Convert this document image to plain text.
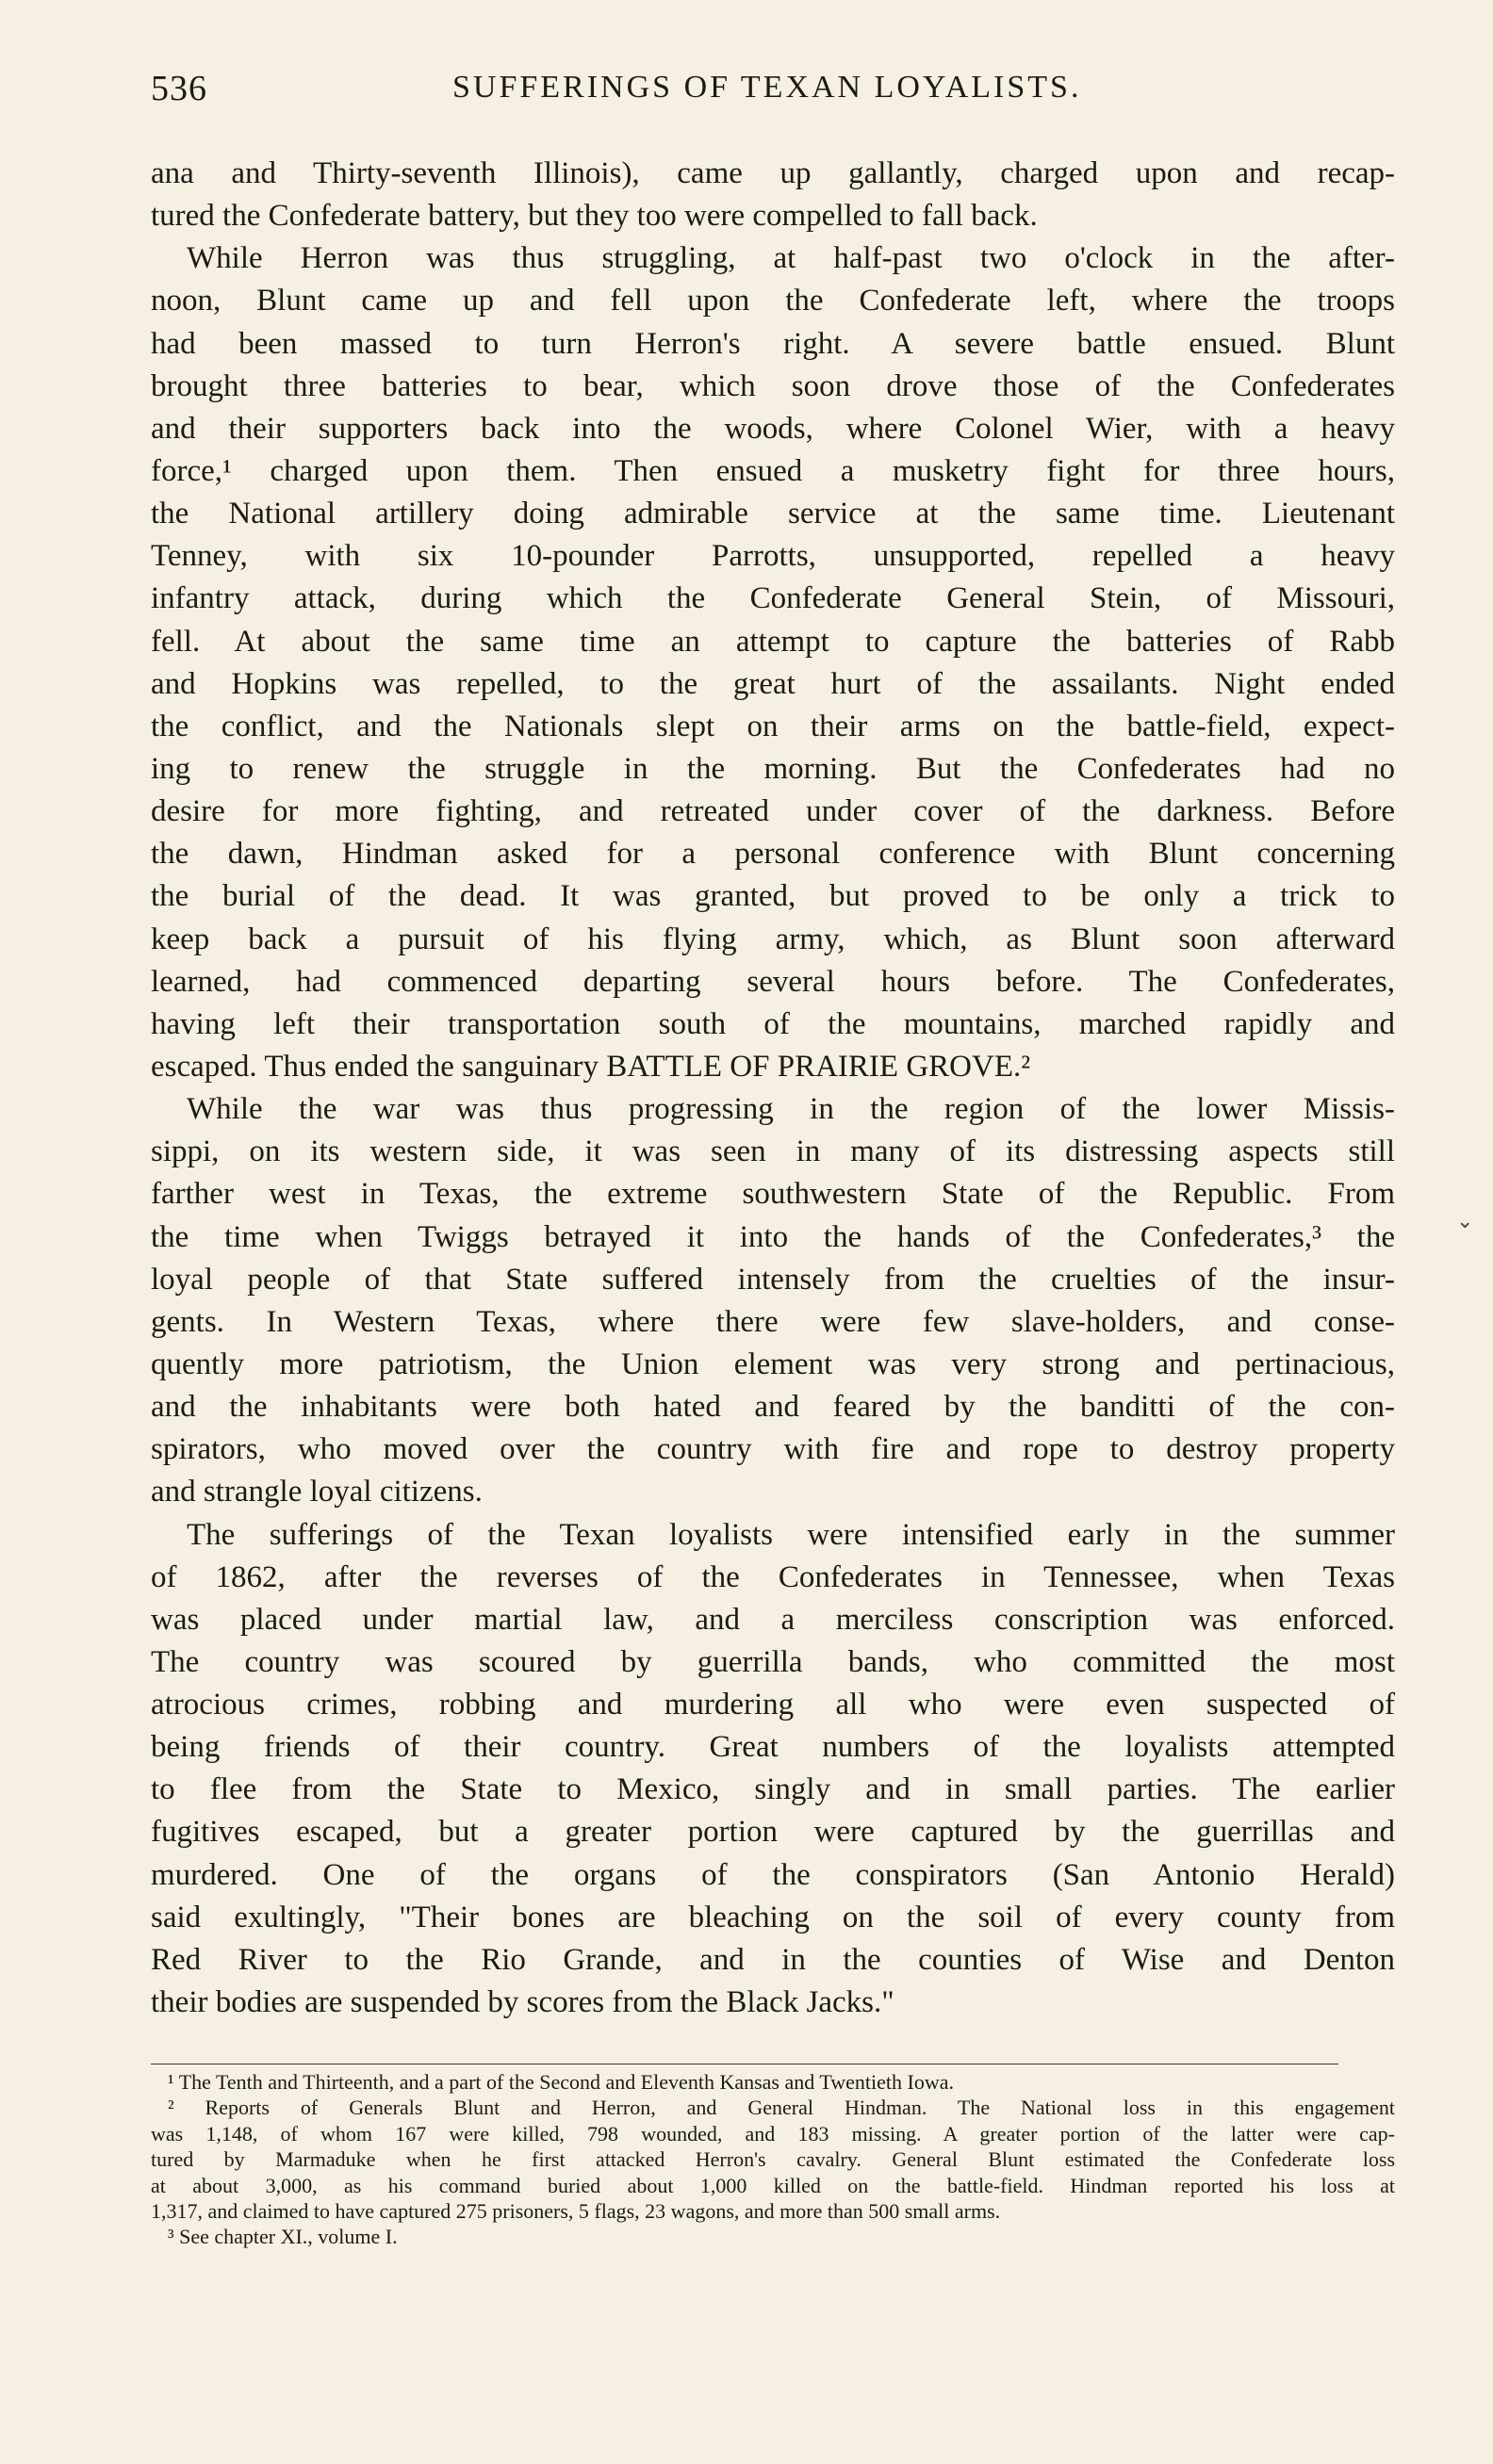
536	SUFFERINGS OF TEXAN LOYALISTS.
ana and Thirty-seventh Illinois), came up gallantly, charged upon and recap-
tured the Confederate battery, but they too were compelled to fall back.
While Herron was thus struggling, at half-past two o'clock in the after-
noon, Blunt came up and fell upon the Confederate left, where the troops
had been massed to turn Herron's right. A severe battle ensued. Blunt
brought three batteries to bear, which soon drove those of the Confederates
and their supporters back into the woods, where Colonel Wier, with a heavy
force,¹ charged upon them. Then ensued a musketry fight for three hours,
the National artillery doing admirable service at the same time. Lieutenant
Tenney, with six 10-pounder Parrotts, unsupported, repelled a heavy
infantry attack, during which the Confederate General Stein, of Missouri,
fell. At about the same time an attempt to capture the batteries of Rabb
and Hopkins was repelled, to the great hurt of the assailants. Night ended
the conflict, and the Nationals slept on their arms on the battle-field, expect-
ing to renew the struggle in the morning. But the Confederates had no
desire for more fighting, and retreated under cover of the darkness. Before
the dawn, Hindman asked for a personal conference with Blunt concerning
the burial of the dead. It was granted, but proved to be only a trick to
keep back a pursuit of his flying army, which, as Blunt soon afterward
learned, had commenced departing several hours before. The Confederates,
having left their transportation south of the mountains, marched rapidly and
escaped. Thus ended the sanguinary BATTLE OF PRAIRIE GROVE.²
While the war was thus progressing in the region of the lower Missis-
sippi, on its western side, it was seen in many of its distressing aspects still
farther west in Texas, the extreme southwestern State of the Republic. From
the time when Twiggs betrayed it into the hands of the Confederates,³ the
loyal people of that State suffered intensely from the cruelties of the insur-
gents. In Western Texas, where there were few slave-holders, and conse-
quently more patriotism, the Union element was very strong and pertinacious,
and the inhabitants were both hated and feared by the banditti of the con-
spirators, who moved over the country with fire and rope to destroy property
and strangle loyal citizens.
The sufferings of the Texan loyalists were intensified early in the summer
of 1862, after the reverses of the Confederates in Tennessee, when Texas
was placed under martial law, and a merciless conscription was enforced.
The country was scoured by guerrilla bands, who committed the most
atrocious crimes, robbing and murdering all who were even suspected of
being friends of their country. Great numbers of the loyalists attempted
to flee from the State to Mexico, singly and in small parties. The earlier
fugitives escaped, but a greater portion were captured by the guerrillas and
murdered. One of the organs of the conspirators (San Antonio Herald)
said exultingly, "Their bones are bleaching on the soil of every county from
Red River to the Rio Grande, and in the counties of Wise and Denton
their bodies are suspended by scores from the Black Jacks."
¹ The Tenth and Thirteenth, and a part of the Second and Eleventh Kansas and Twentieth Iowa.
² Reports of Generals Blunt and Herron, and General Hindman. The National loss in this engagement
was 1,148, of whom 167 were killed, 798 wounded, and 183 missing. A greater portion of the latter were cap-
tured by Marmaduke when he first attacked Herron's cavalry. General Blunt estimated the Confederate loss
at about 3,000, as his command buried about 1,000 killed on the battle-field. Hindman reported his loss at
1,317, and claimed to have captured 275 prisoners, 5 flags, 23 wagons, and more than 500 small arms.
³ See chapter XI., volume I.
⌄
